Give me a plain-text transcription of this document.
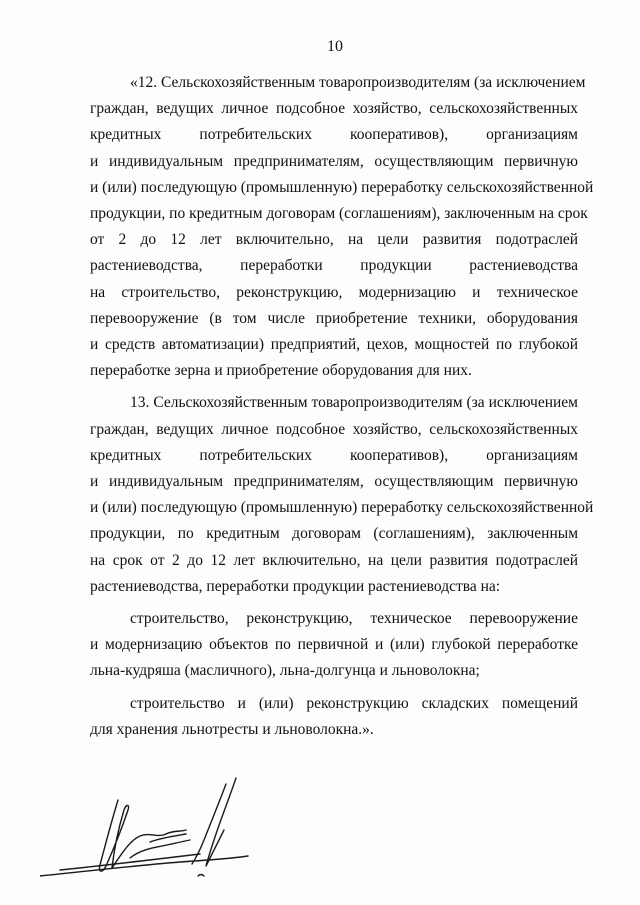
10

«12. Сельскохозяйственным товаропроизводителям (за исключением
граждан, ведущих личное подсобное хозяйство, сельскохозяйственных
кредитных потребительских кооперативов), организациям
и индивидуальным предпринимателям, осуществляющим первичную
и (или) последующую (промышленную) переработку сельскохозяйственной
продукции, по кредитным договорам (соглашениям), заключенным на срок
от 2 до 12 лет включительно, на цели развития подотраслей
растениеводства, переработки продукции растениеводства
на строительство, реконструкцию, модернизацию и техническое
перевооружение (в том числе приобретение техники, оборудования
и средств автоматизации) предприятий, цехов, мощностей по глубокой
переработке зерна и приобретение оборудования для них.

13. Сельскохозяйственным товаропроизводителям (за исключением
граждан, ведущих личное подсобное хозяйство, сельскохозяйственных
кредитных потребительских кооперативов), организациям
и индивидуальным предпринимателям, осуществляющим первичную
и (или) последующую (промышленную) переработку сельскохозяйственной
продукции, по кредитным договорам (соглашениям), заключенным
на срок от 2 до 12 лет включительно, на цели развития подотраслей
растениеводства, переработки продукции растениеводства на:

строительство, реконструкцию, техническое перевооружение
и модернизацию объектов по первичной и (или) глубокой переработке
льна-кудряша (масличного), льна-долгунца и льноволокна;

строительство и (или) реконструкцию складских помещений
для хранения льнотресты и льноволокна.».
